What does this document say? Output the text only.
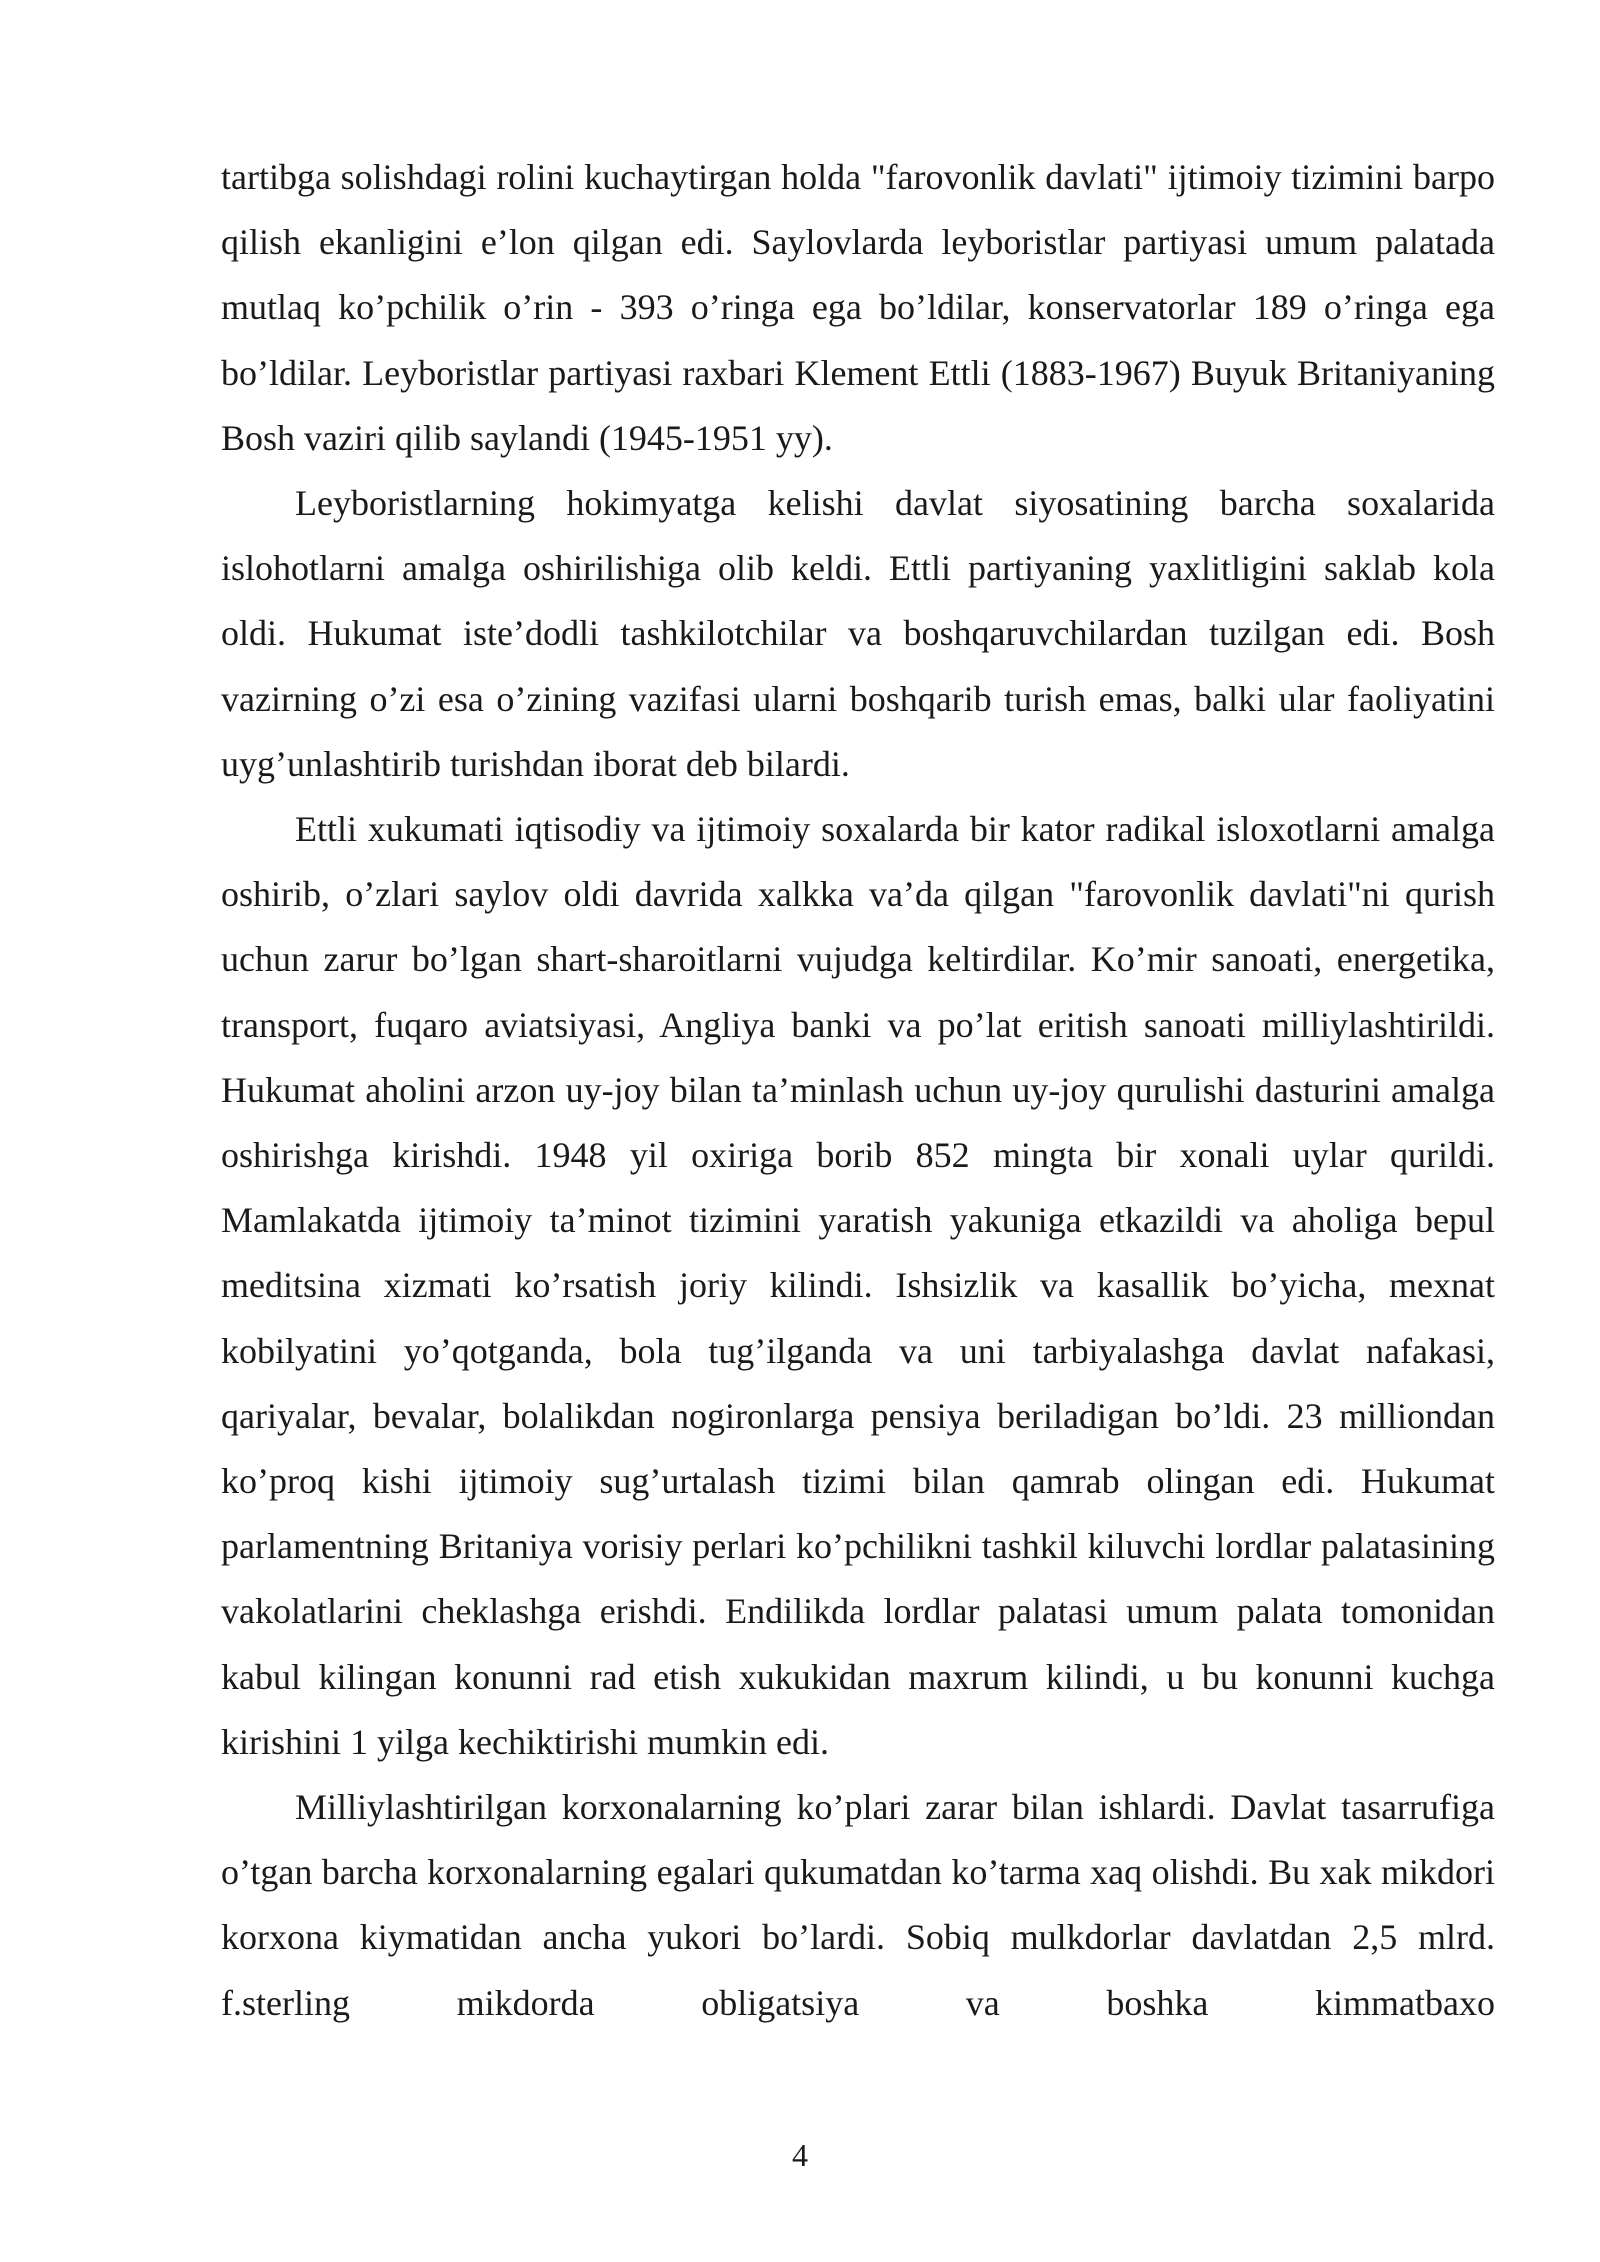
tartibga solishdagi rolini kuchaytirgan holda "farovonlik davlati" ijtimoiy tizimini barpo qilish ekanligini e’lon qilgan edi. Saylovlarda leyboristlar partiyasi umum palatada mutlaq ko’pchilik o’rin - 393 o’ringa ega bo’ldilar, konservatorlar 189 o’ringa ega bo’ldilar. Leyboristlar partiyasi raxbari Klement Ettli (1883-1967) Buyuk Britaniyaning Bosh vaziri qilib saylandi (1945-1951 yy).

Leyboristlarning hokimyatga kelishi davlat siyosatining barcha soxalarida islohotlarni amalga oshirilishiga olib keldi. Ettli partiyaning yaxlitligini saklab kola oldi. Hukumat iste’dodli tashkilotchilar va boshqaruvchilardan tuzilgan edi. Bosh vazirning o’zi esa o’zining vazifasi ularni boshqarib turish emas, balki ular faoliyatini uyg’unlashtirib turishdan iborat deb bilardi.

Ettli xukumati iqtisodiy va ijtimoiy soxalarda bir kator radikal isloxotlarni amalga oshirib, o’zlari saylov oldi davrida xalkka va’da qilgan "farovonlik davlati"ni qurish uchun zarur bo’lgan shart-sharoitlarni vujudga keltirdilar. Ko’mir sanoati, energetika, transport, fuqaro aviatsiyasi, Angliya banki va po’lat eritish sanoati milliylashtirildi. Hukumat aholini arzon uy-joy bilan ta’minlash uchun uy-joy qurulishi dasturini amalga oshirishga kirishdi. 1948 yil oxiriga borib 852 mingta bir xonali uylar qurildi. Mamlakatda ijtimoiy ta’minot tizimini yaratish yakuniga etkazildi va aholiga bepul meditsina xizmati ko’rsatish joriy kilindi. Ishsizlik va kasallik bo’yicha, mexnat kobilyatini yo’qotganda, bola tug’ilganda va uni tarbiyalashga davlat nafakasi, qariyalar, bevalar, bolalikdan nogironlarga pensiya beriladigan bo’ldi. 23 milliondan ko’proq kishi ijtimoiy sug’urtalash tizimi bilan qamrab olingan edi. Hukumat parlamentning Britaniya vorisiy perlari ko’pchilikni tashkil kiluvchi lordlar palatasining vakolatlarini cheklashga erishdi. Endilikda lordlar palatasi umum palata tomonidan kabul kilingan konunni rad etish xukukidan maxrum kilindi, u bu konunni kuchga kirishini 1 yilga kechiktirishi mumkin edi.

Milliylashtirilgan korxonalarning ko’plari zarar bilan ishlardi. Davlat tasarrufiga o’tgan barcha korxonalarning egalari qukumatdan ko’tarma xaq olishdi. Bu xak mikdori korxona kiymatidan ancha yukori bo’lardi. Sobiq mulkdorlar davlatdan 2,5 mlrd. f.sterling mikdorda obligatsiya va boshka kimmatbaxo

4
